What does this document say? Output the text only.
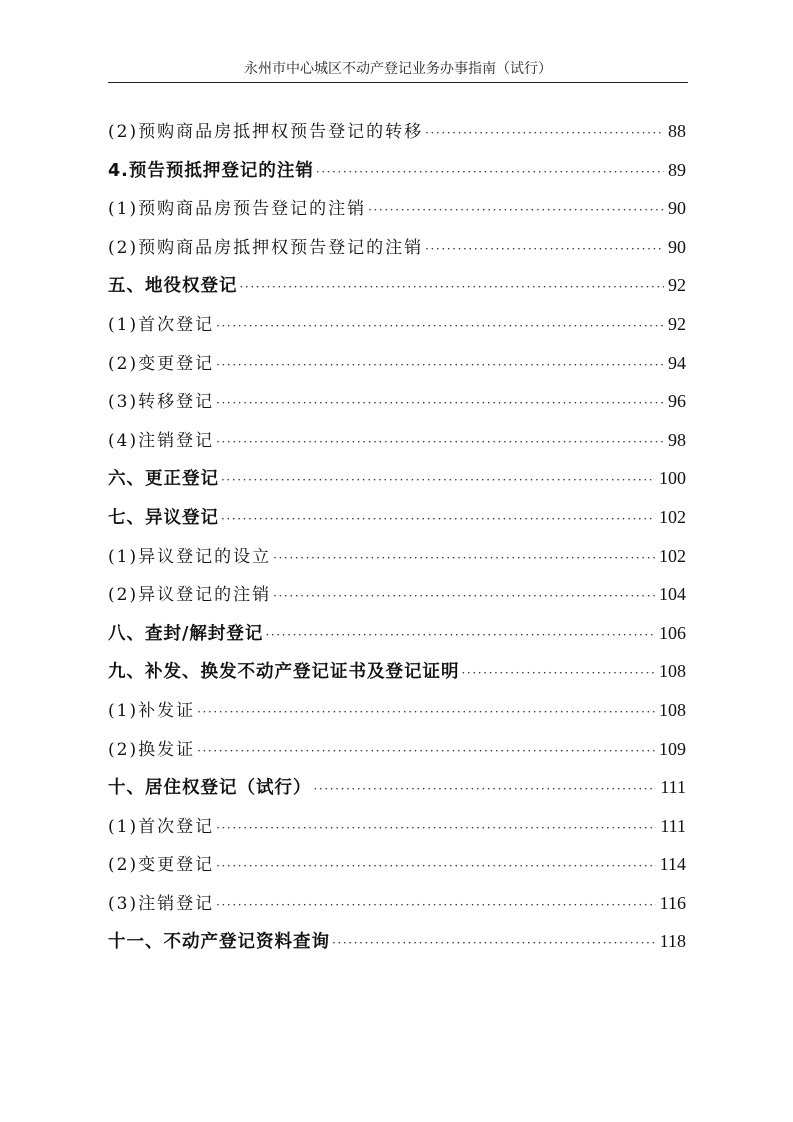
永州市中心城区不动产登记业务办事指南（试行）
(2)预购商品房抵押权预告登记的转移 ·····	88
4.预告预抵押登记的注销 ·····	89
(1)预购商品房预告登记的注销 ·····	90
(2)预购商品房抵押权预告登记的注销 ·····	90
五、地役权登记 ·····	92
(1)首次登记 ·····	92
(2)变更登记 ·····	94
(3)转移登记 ·····	96
(4)注销登记 ·····	98
六、更正登记 ·····	100
七、异议登记 ·····	102
(1)异议登记的设立 ·····	102
(2)异议登记的注销 ·····	104
八、查封/解封登记 ·····	106
九、补发、换发不动产登记证书及登记证明 ·····	108
(1)补发证 ·····	108
(2)换发证 ·····	109
十、居住权登记（试行） ·····	111
(1)首次登记 ·····	111
(2)变更登记 ·····	114
(3)注销登记 ·····	116
十一、不动产登记资料查询 ·····	118
